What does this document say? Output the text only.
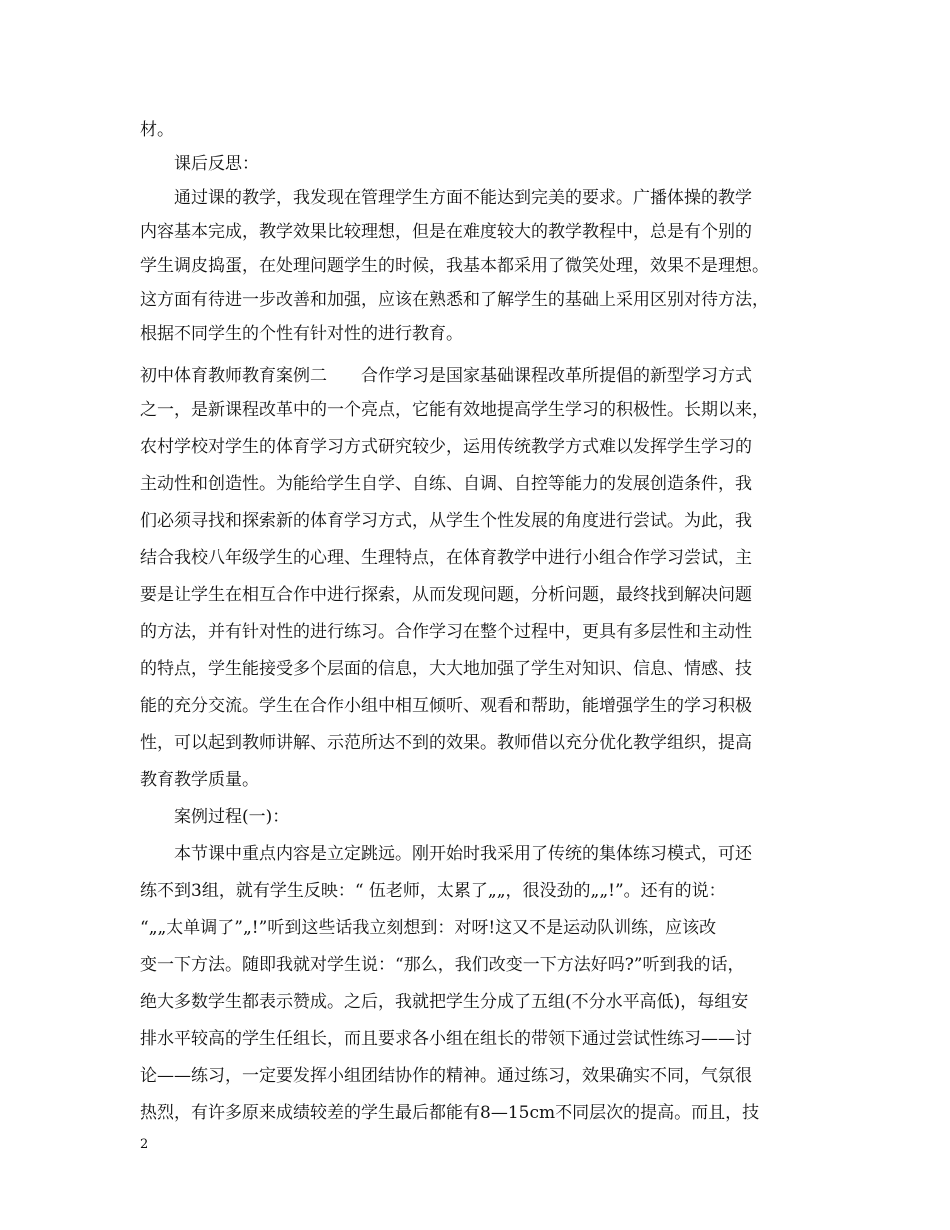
材。
课后反思：
通过课的教学，我发现在管理学生方面不能达到完美的要求。广播体操的教学
内容基本完成，教学效果比较理想，但是在难度较大的教学教程中，总是有个别的
学生调皮捣蛋，在处理问题学生的时候，我基本都采用了微笑处理，效果不是理想。
这方面有待进一步改善和加强，应该在熟悉和了解学生的基础上采用区别对待方法，
根据不同学生的个性有针对性的进行教育。
初中体育教师教育案例二　　合作学习是国家基础课程改革所提倡的新型学习方式
之一，是新课程改革中的一个亮点，它能有效地提高学生学习的积极性。长期以来，
农村学校对学生的体育学习方式研究较少，运用传统教学方式难以发挥学生学习的
主动性和创造性。为能给学生自学、自练、自调、自控等能力的发展创造条件，我
们必须寻找和探索新的体育学习方式，从学生个性发展的角度进行尝试。为此，我
结合我校八年级学生的心理、生理特点，在体育教学中进行小组合作学习尝试，主
要是让学生在相互合作中进行探索，从而发现问题，分析问题，最终找到解决问题
的方法，并有针对性的进行练习。合作学习在整个过程中，更具有多层性和主动性
的特点，学生能接受多个层面的信息，大大地加强了学生对知识、信息、情感、技
能的充分交流。学生在合作小组中相互倾听、观看和帮助，能增强学生的学习积极
性，可以起到教师讲解、示范所达不到的效果。教师借以充分优化教学组织，提高
教育教学质量。
案例过程(一)：
本节课中重点内容是立定跳远。刚开始时我采用了传统的集体练习模式，可还
练不到3组，就有学生反映：“ 伍老师，太累了„„，很没劲的„„!”。还有的说：
“„„太单调了”„!”听到这些话我立刻想到：对呀!这又不是运动队训练，应该改
变一下方法。随即我就对学生说：“那么，我们改变一下方法好吗?”听到我的话，
绝大多数学生都表示赞成。之后，我就把学生分成了五组(不分水平高低)，每组安
排水平较高的学生任组长，而且要求各小组在组长的带领下通过尝试性练习——讨
论——练习，一定要发挥小组团结协作的精神。通过练习，效果确实不同，气氛很
热烈，有许多原来成绩较差的学生最后都能有8—15cm不同层次的提高。而且，技
2
